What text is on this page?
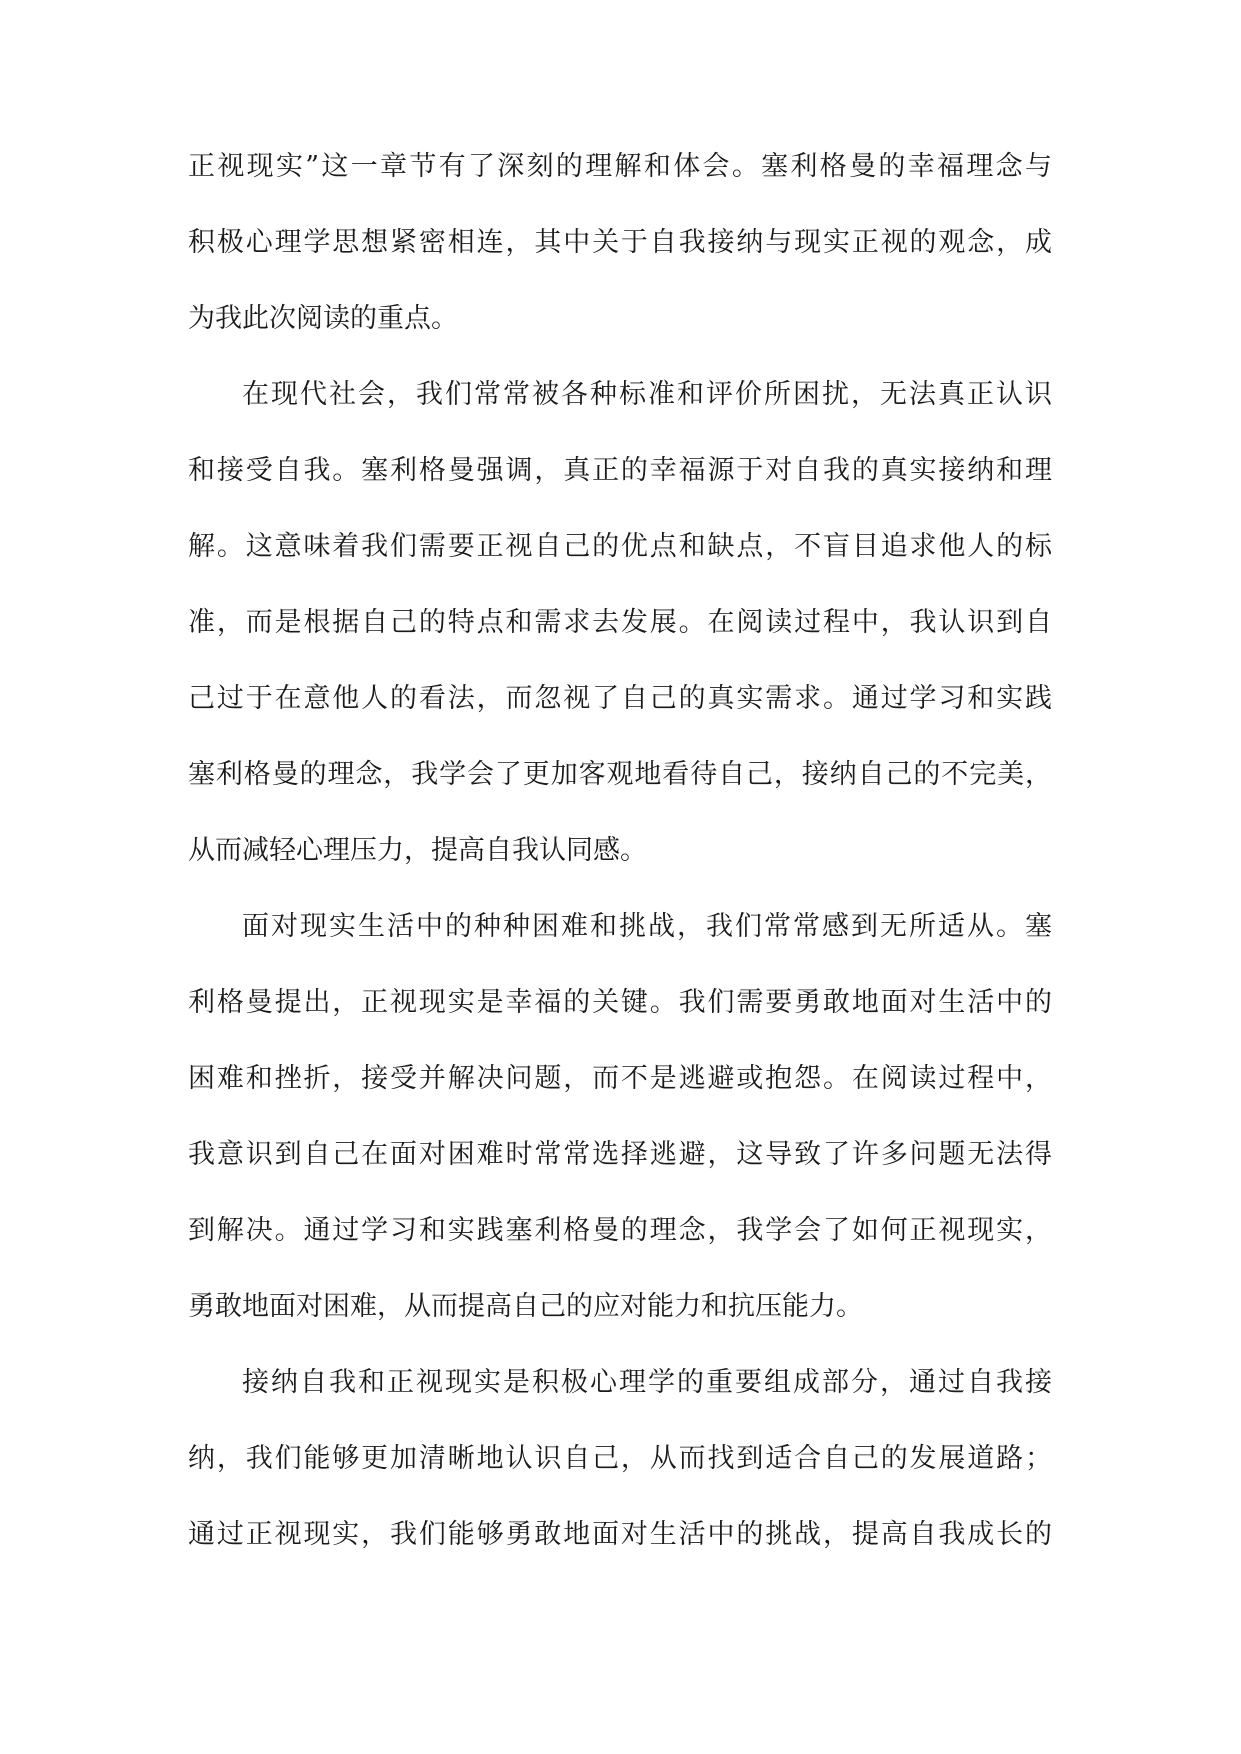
正视现实”这一章节有了深刻的理解和体会。塞利格曼的幸福理念与
积极心理学思想紧密相连，其中关于自我接纳与现实正视的观念，成
为我此次阅读的重点。
在现代社会，我们常常被各种标准和评价所困扰，无法真正认识
和接受自我。塞利格曼强调，真正的幸福源于对自我的真实接纳和理
解。这意味着我们需要正视自己的优点和缺点，不盲目追求他人的标
准，而是根据自己的特点和需求去发展。在阅读过程中，我认识到自
己过于在意他人的看法，而忽视了自己的真实需求。通过学习和实践
塞利格曼的理念，我学会了更加客观地看待自己，接纳自己的不完美，
从而减轻心理压力，提高自我认同感。
面对现实生活中的种种困难和挑战，我们常常感到无所适从。塞
利格曼提出，正视现实是幸福的关键。我们需要勇敢地面对生活中的
困难和挫折，接受并解决问题，而不是逃避或抱怨。在阅读过程中，
我意识到自己在面对困难时常常选择逃避，这导致了许多问题无法得
到解决。通过学习和实践塞利格曼的理念，我学会了如何正视现实，
勇敢地面对困难，从而提高自己的应对能力和抗压能力。
接纳自我和正视现实是积极心理学的重要组成部分，通过自我接
纳，我们能够更加清晰地认识自己，从而找到适合自己的发展道路；
通过正视现实，我们能够勇敢地面对生活中的挑战，提高自我成长的
